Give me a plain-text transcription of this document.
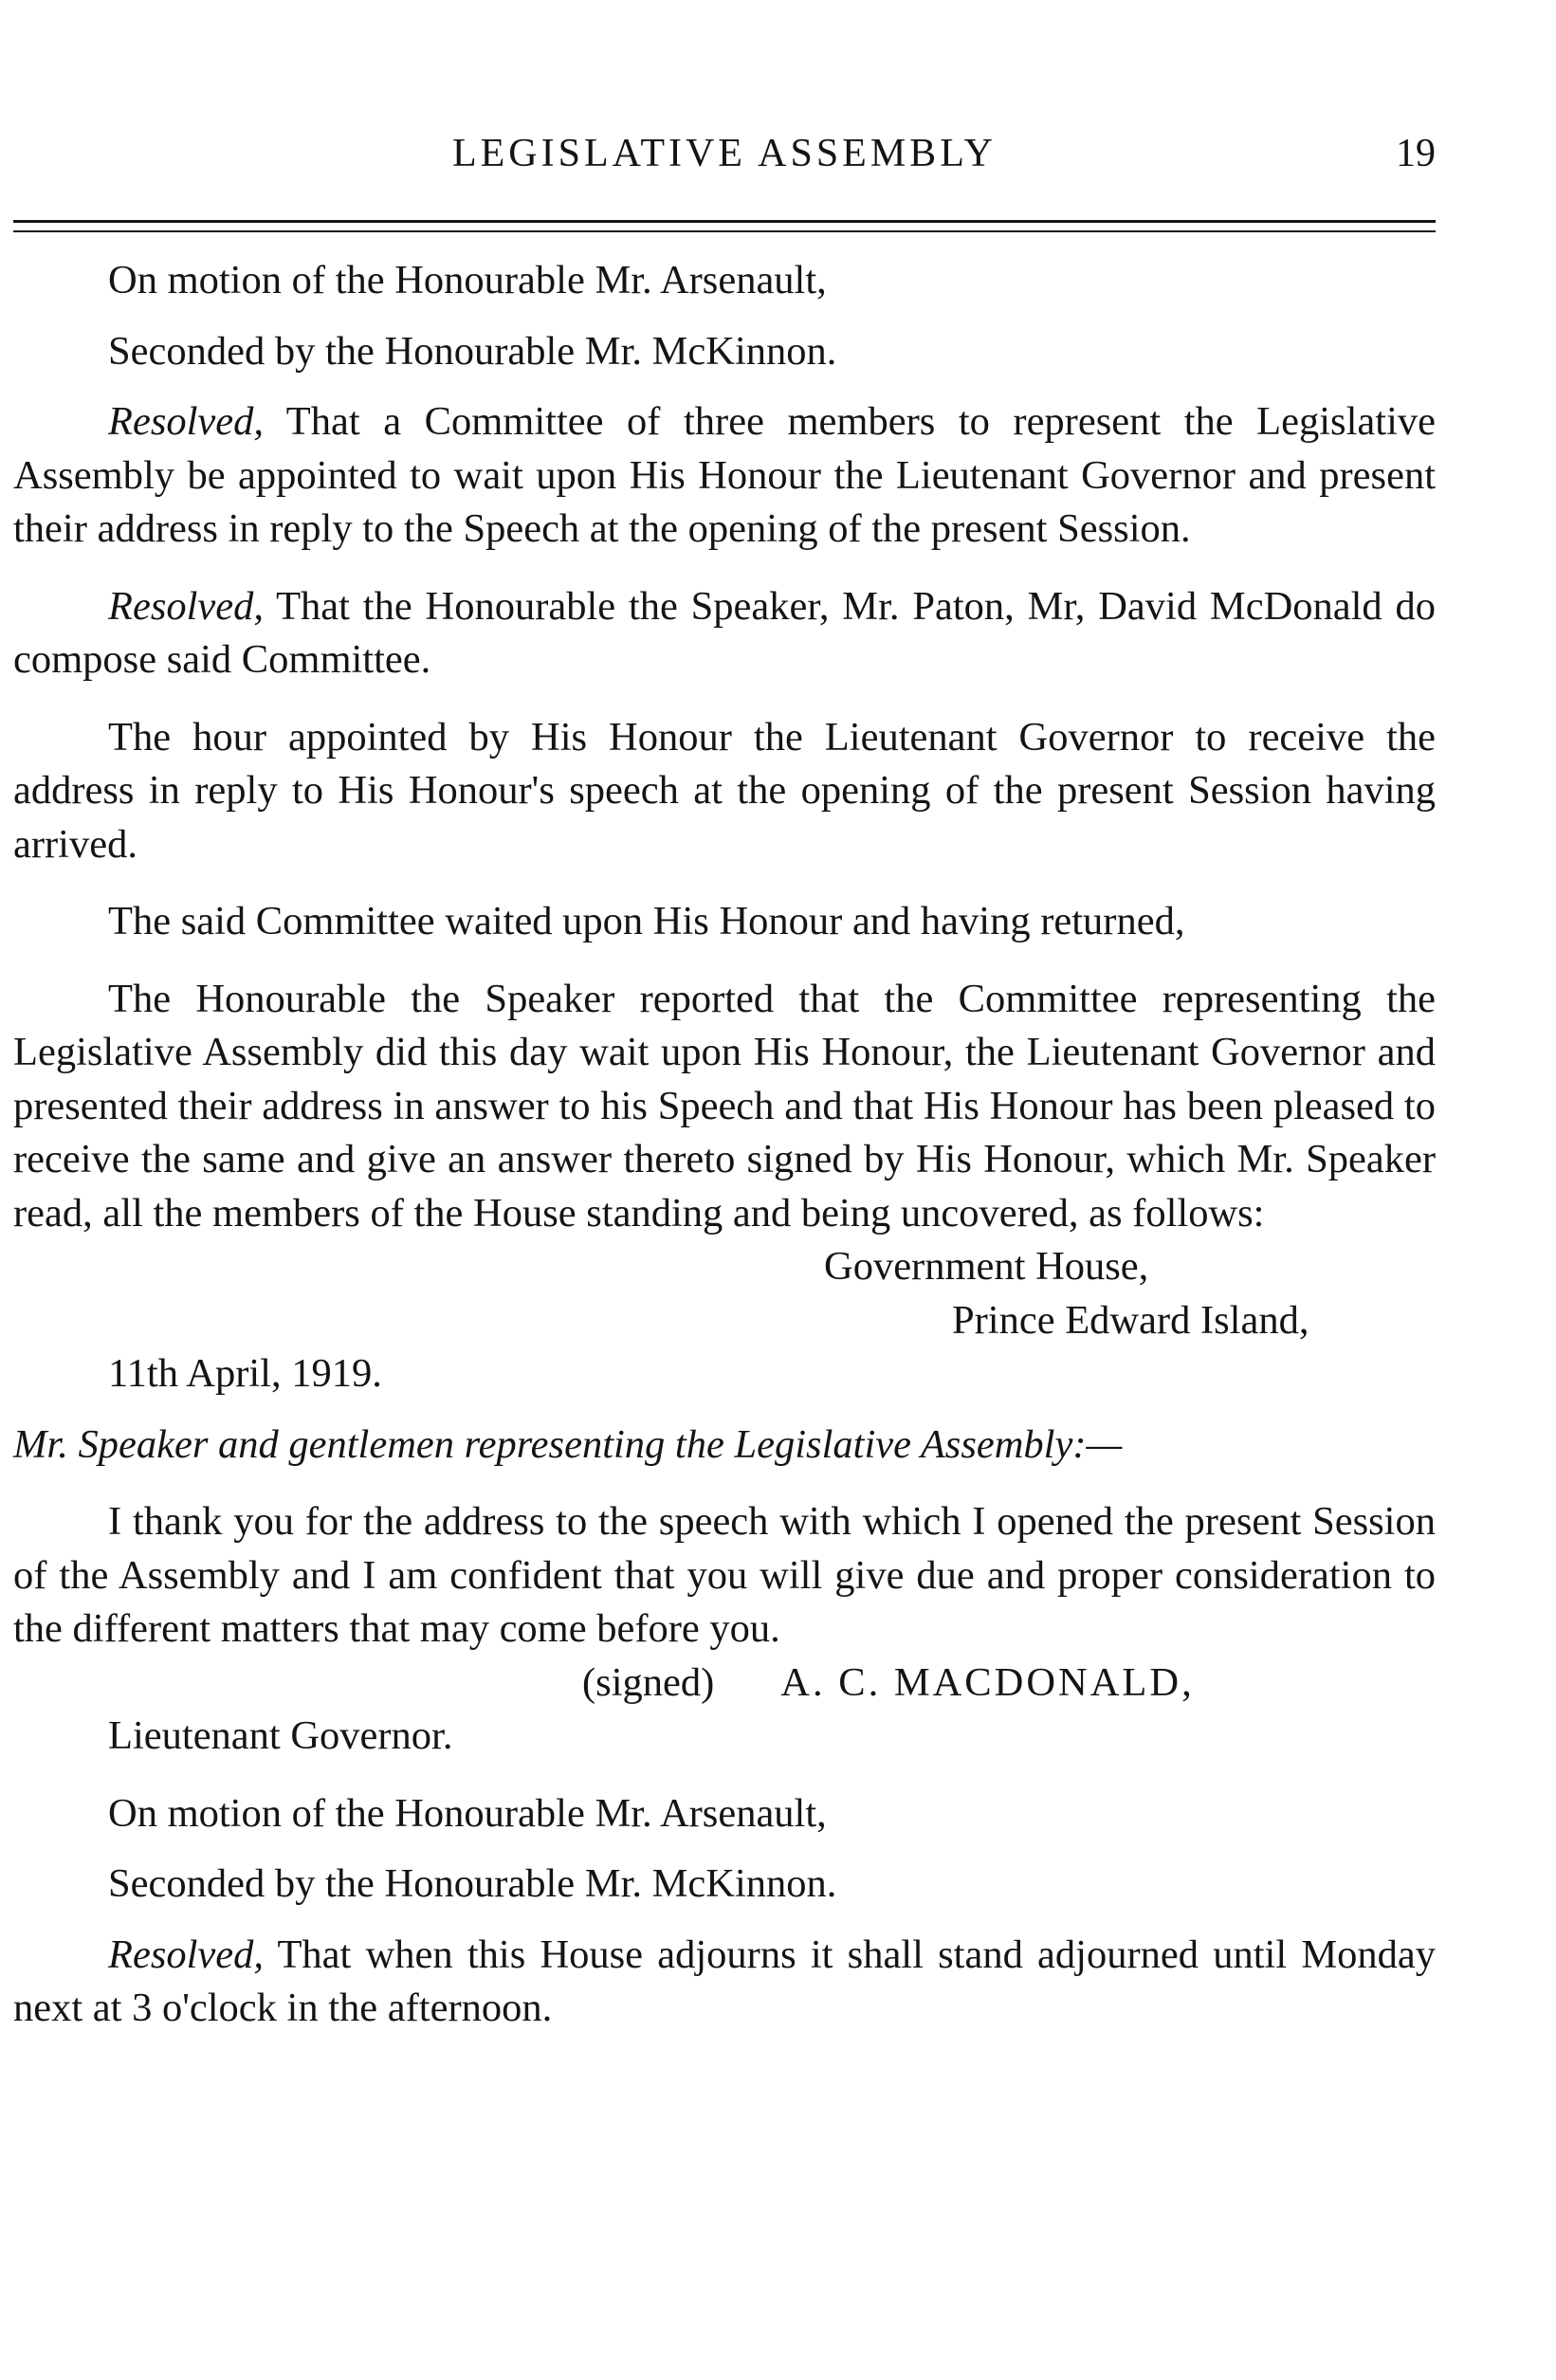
LEGISLATIVE ASSEMBLY	19

On motion of the Honourable Mr. Arsenault,

Seconded by the Honourable Mr. McKinnon.

Resolved, That a Committee of three members to represent the Legislative Assembly be appointed to wait upon His Honour the Lieutenant Governor and present their address in reply to the Speech at the opening of the present Session.

Resolved, That the Honourable the Speaker, Mr. Paton, Mr, David McDonald do compose said Committee.

The hour appointed by His Honour the Lieutenant Governor to receive the address in reply to His Honour's speech at the opening of the present Session having arrived.

The said Committee waited upon His Honour and having returned,

The Honourable the Speaker reported that the Committee representing the Legislative Assembly did this day wait upon His Honour, the Lieutenant Governor and presented their address in answer to his Speech and that His Honour has been pleased to receive the same and give an answer thereto signed by His Honour, which Mr. Speaker read, all the members of the House standing and being uncovered, as follows:

Government House,

Prince Edward Island,

11th April, 1919.

Mr. Speaker and gentlemen representing the Legislative Assembly:—

I thank you for the address to the speech with which I opened the present Session of the Assembly and I am confident that you will give due and proper consideration to the different matters that may come before you.

(signed) A. C. MACDONALD,

Lieutenant Governor.

On motion of the Honourable Mr. Arsenault,

Seconded by the Honourable Mr. McKinnon.

Resolved, That when this House adjourns it shall stand adjourned until Monday next at 3 o'clock in the afternoon.
